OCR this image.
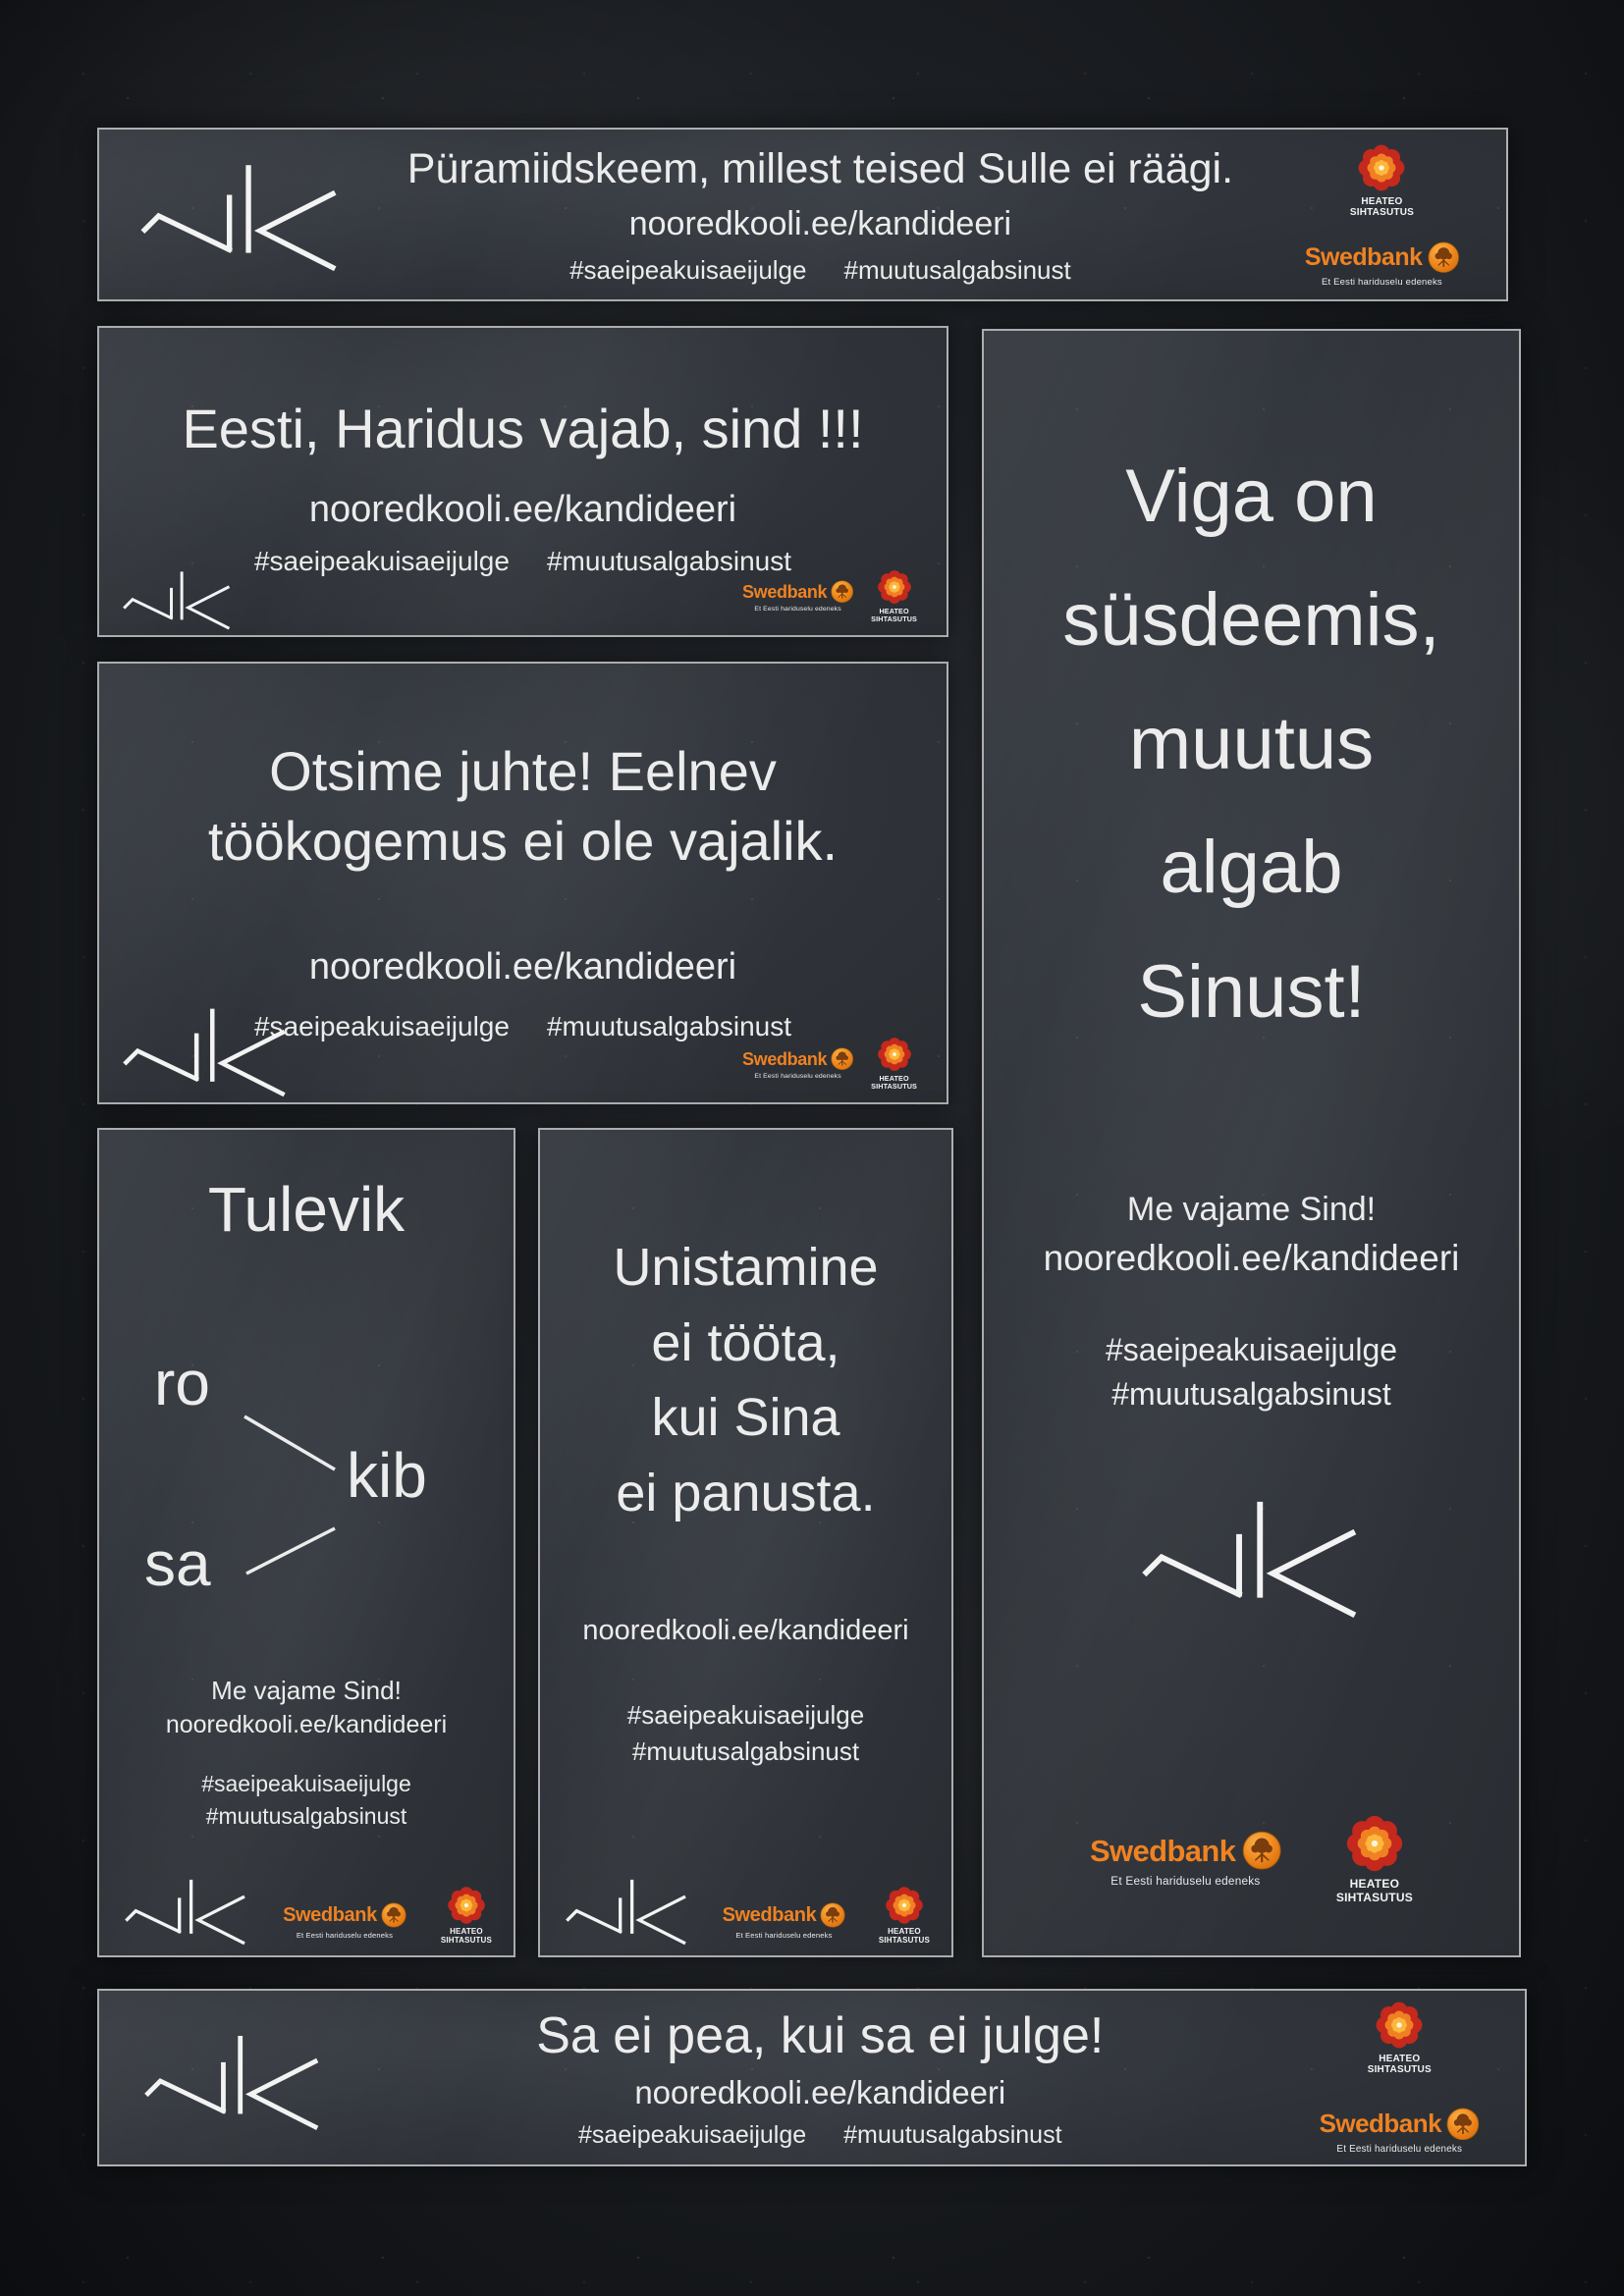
Püramiidskeem, millest teised Sulle ei räägi.
nooredkooli.ee/kandideeri
#saeipeakuisaeijulge #muutusalgabsinust
HEATEO
SIHTASUTUS
Swedbank
Et Eesti hariduselu edeneks
Eesti, Haridus vajab, sind !!!
nooredkooli.ee/kandideeri
#saeipeakuisaeijulge #muutusalgabsinust
Swedbank
Et Eesti hariduselu edeneks	HEATEO
SIHTASUTUS
Otsime juhte! Eelnev
töökogemus ei ole vajalik.
nooredkooli.ee/kandideeri
#saeipeakuisaeijulge #muutusalgabsinust
Swedbank
Et Eesti hariduselu edeneks	HEATEO
SIHTASUTUS
Viga on
süsdeemis,
muutus
algab
Sinust!
Me vajame Sind!
nooredkooli.ee/kandideeri
#saeipeakuisaeijulge
#muutusalgabsinust
Swedbank
Et Eesti hariduselu edeneks	HEATEO
SIHTASUTUS
Tulevik
ro
kib
sa
Me vajame Sind!
nooredkooli.ee/kandideeri
#saeipeakuisaeijulge
#muutusalgabsinust
Swedbank
Et Eesti hariduselu edeneks	HEATEO
SIHTASUTUS
Unistamine
ei tööta,
kui Sina
ei panusta.
nooredkooli.ee/kandideeri
#saeipeakuisaeijulge
#muutusalgabsinust
Swedbank
Et Eesti hariduselu edeneks	HEATEO
SIHTASUTUS
Sa ei pea, kui sa ei julge!
nooredkooli.ee/kandideeri
#saeipeakuisaeijulge #muutusalgabsinust
HEATEO
SIHTASUTUS
Swedbank
Et Eesti hariduselu edeneks
